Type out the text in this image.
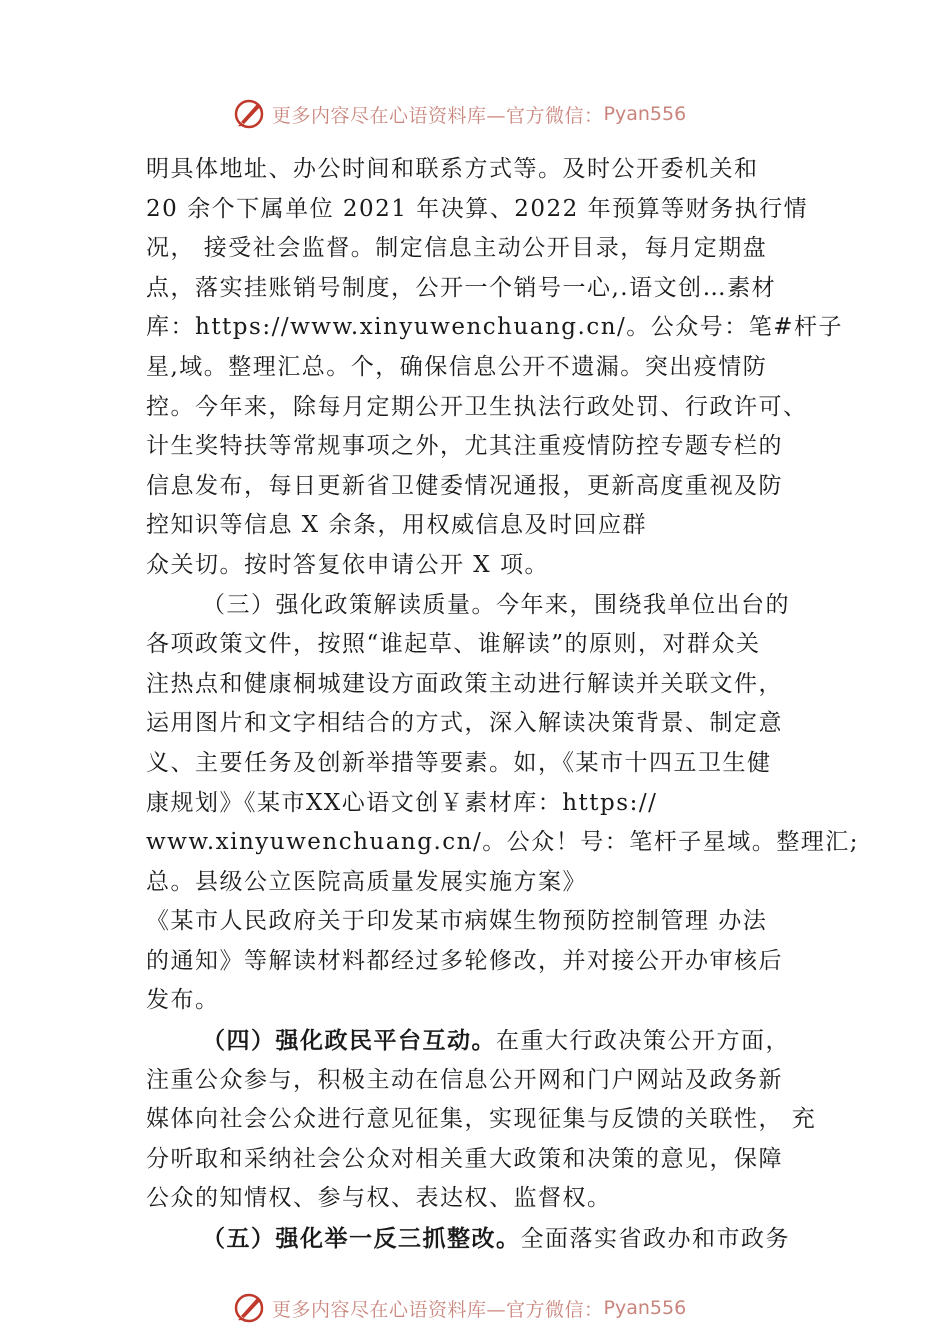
更多内容尽在心语资料库—官方微信： Pyan556
明具体地址、办公时间和联系方式等。及时公开委机关和
20 余个下属单位 2021 年决算、2022 年预算等财务执行情
况， 接受社会监督。制定信息主动公开目录，每月定期盘
点，落实挂账销号制度，公开一个销号一心,.语文创…素材
库：https://www.xinyuwenchuang.cn/。公众号：笔#杆子
星,域。整理汇总。个，确保信息公开不遗漏。突出疫情防
控。今年来，除每月定期公开卫生执法行政处罚、行政许可、
计生奖特扶等常规事项之外，尤其注重疫情防控专题专栏的
信息发布，每日更新省卫健委情况通报，更新高度重视及防
控知识等信息 X 余条，用权威信息及时回应群
众关切。按时答复依申请公开 X 项。
（三）强化政策解读质量。今年来，围绕我单位出台的
各项政策文件，按照“谁起草、谁解读”的原则，对群众关
注热点和健康桐城建设方面政策主动进行解读并关联文件，
运用图片和文字相结合的方式，深入解读决策背景、制定意
义、主要任务及创新举措等要素。如，《某市十四五卫生健
康规划》《某市XX心语文创￥素材库：https://
www.xinyuwenchuang.cn/。公众！号：笔杆子星域。整理汇;
总。县级公立医院高质量发展实施方案》
《某市人民政府关于印发某市病媒生物预防控制管理 办法
的通知》等解读材料都经过多轮修改，并对接公开办审核后
发布。
（四）强化政民平台互动。在重大行政决策公开方面，
注重公众参与，积极主动在信息公开网和门户网站及政务新
媒体向社会公众进行意见征集，实现征集与反馈的关联性， 充
分听取和采纳社会公众对相关重大政策和决策的意见，保障
公众的知情权、参与权、表达权、监督权。
（五）强化举一反三抓整改。全面落实省政办和市政务
更多内容尽在心语资料库—官方微信： Pyan556
